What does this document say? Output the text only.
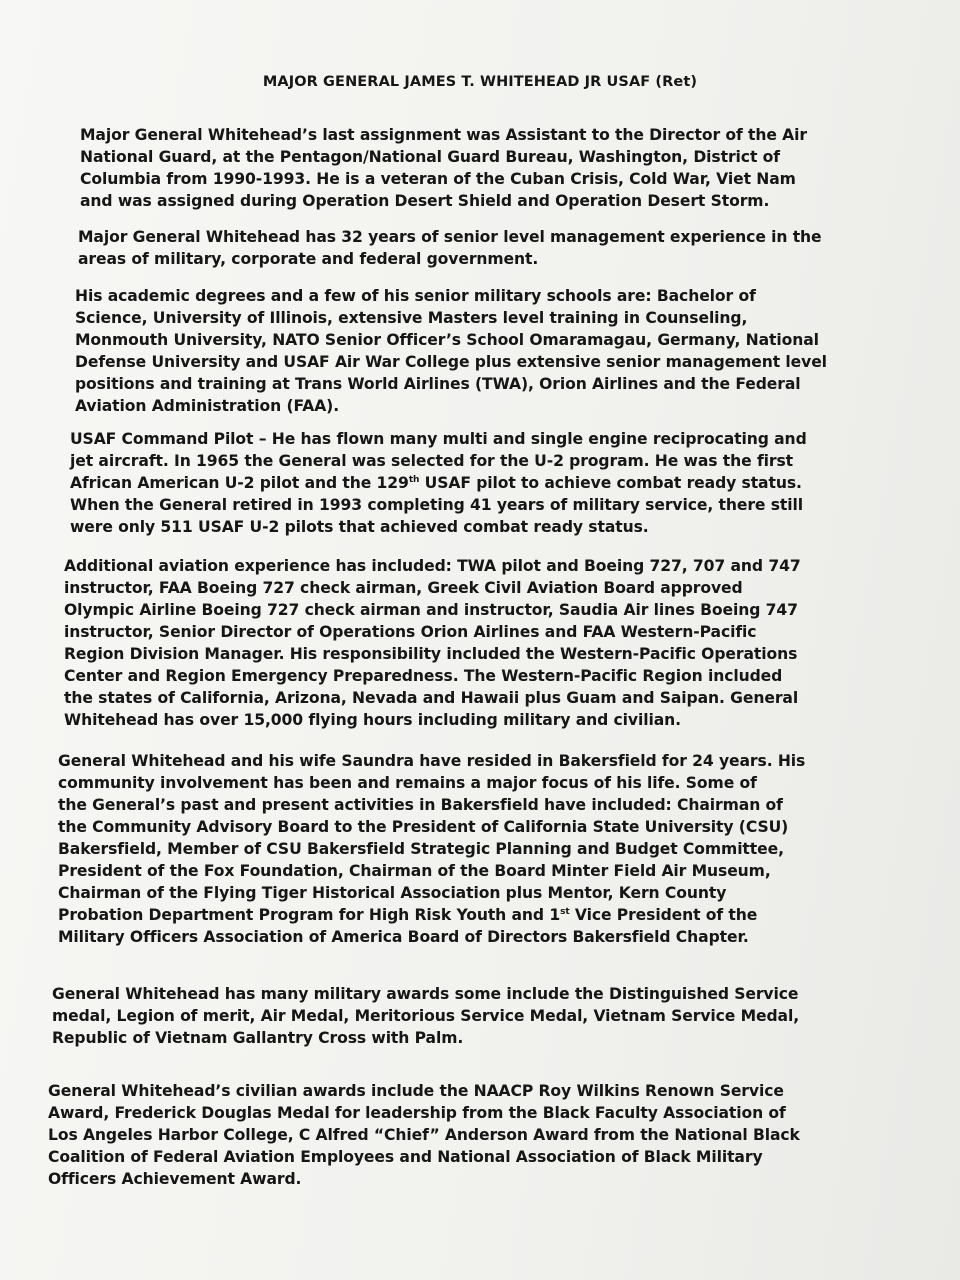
MAJOR GENERAL JAMES T. WHITEHEAD JR USAF (Ret)
Major General Whitehead’s last assignment was Assistant to the Director of the Air
National Guard, at the Pentagon/National Guard Bureau, Washington, District of
Columbia from 1990-1993. He is a veteran of the Cuban Crisis, Cold War, Viet Nam
and was assigned during Operation Desert Shield and Operation Desert Storm.
Major General Whitehead has 32 years of senior level management experience in the
areas of military, corporate and federal government.
His academic degrees and a few of his senior military schools are: Bachelor of
Science, University of Illinois, extensive Masters level training in Counseling,
Monmouth University, NATO Senior Officer’s School Omaramagau, Germany, National
Defense University and USAF Air War College plus extensive senior management level
positions and training at Trans World Airlines (TWA), Orion Airlines and the Federal
Aviation Administration (FAA).
USAF Command Pilot – He has flown many multi and single engine reciprocating and
jet aircraft. In 1965 the General was selected for the U-2 program. He was the first
African American U-2 pilot and the 129th USAF pilot to achieve combat ready status.
When the General retired in 1993 completing 41 years of military service, there still
were only 511 USAF U-2 pilots that achieved combat ready status.
Additional aviation experience has included: TWA pilot and Boeing 727, 707 and 747
instructor, FAA Boeing 727 check airman, Greek Civil Aviation Board approved
Olympic Airline Boeing 727 check airman and instructor, Saudia Air lines Boeing 747
instructor, Senior Director of Operations Orion Airlines and FAA Western-Pacific
Region Division Manager. His responsibility included the Western-Pacific Operations
Center and Region Emergency Preparedness. The Western-Pacific Region included
the states of California, Arizona, Nevada and Hawaii plus Guam and Saipan. General
Whitehead has over 15,000 flying hours including military and civilian.
General Whitehead and his wife Saundra have resided in Bakersfield for 24 years. His
community involvement has been and remains a major focus of his life. Some of
the General’s past and present activities in Bakersfield have included: Chairman of
the Community Advisory Board to the President of California State University (CSU)
Bakersfield, Member of CSU Bakersfield Strategic Planning and Budget Committee,
President of the Fox Foundation, Chairman of the Board Minter Field Air Museum,
Chairman of the Flying Tiger Historical Association plus Mentor, Kern County
Probation Department Program for High Risk Youth and 1st Vice President of the
Military Officers Association of America Board of Directors Bakersfield Chapter.
General Whitehead has many military awards some include the Distinguished Service
medal, Legion of merit, Air Medal, Meritorious Service Medal, Vietnam Service Medal,
Republic of Vietnam Gallantry Cross with Palm.
General Whitehead’s civilian awards include the NAACP Roy Wilkins Renown Service
Award, Frederick Douglas Medal for leadership from the Black Faculty Association of
Los Angeles Harbor College, C Alfred “Chief” Anderson Award from the National Black
Coalition of Federal Aviation Employees and National Association of Black Military
Officers Achievement Award.
